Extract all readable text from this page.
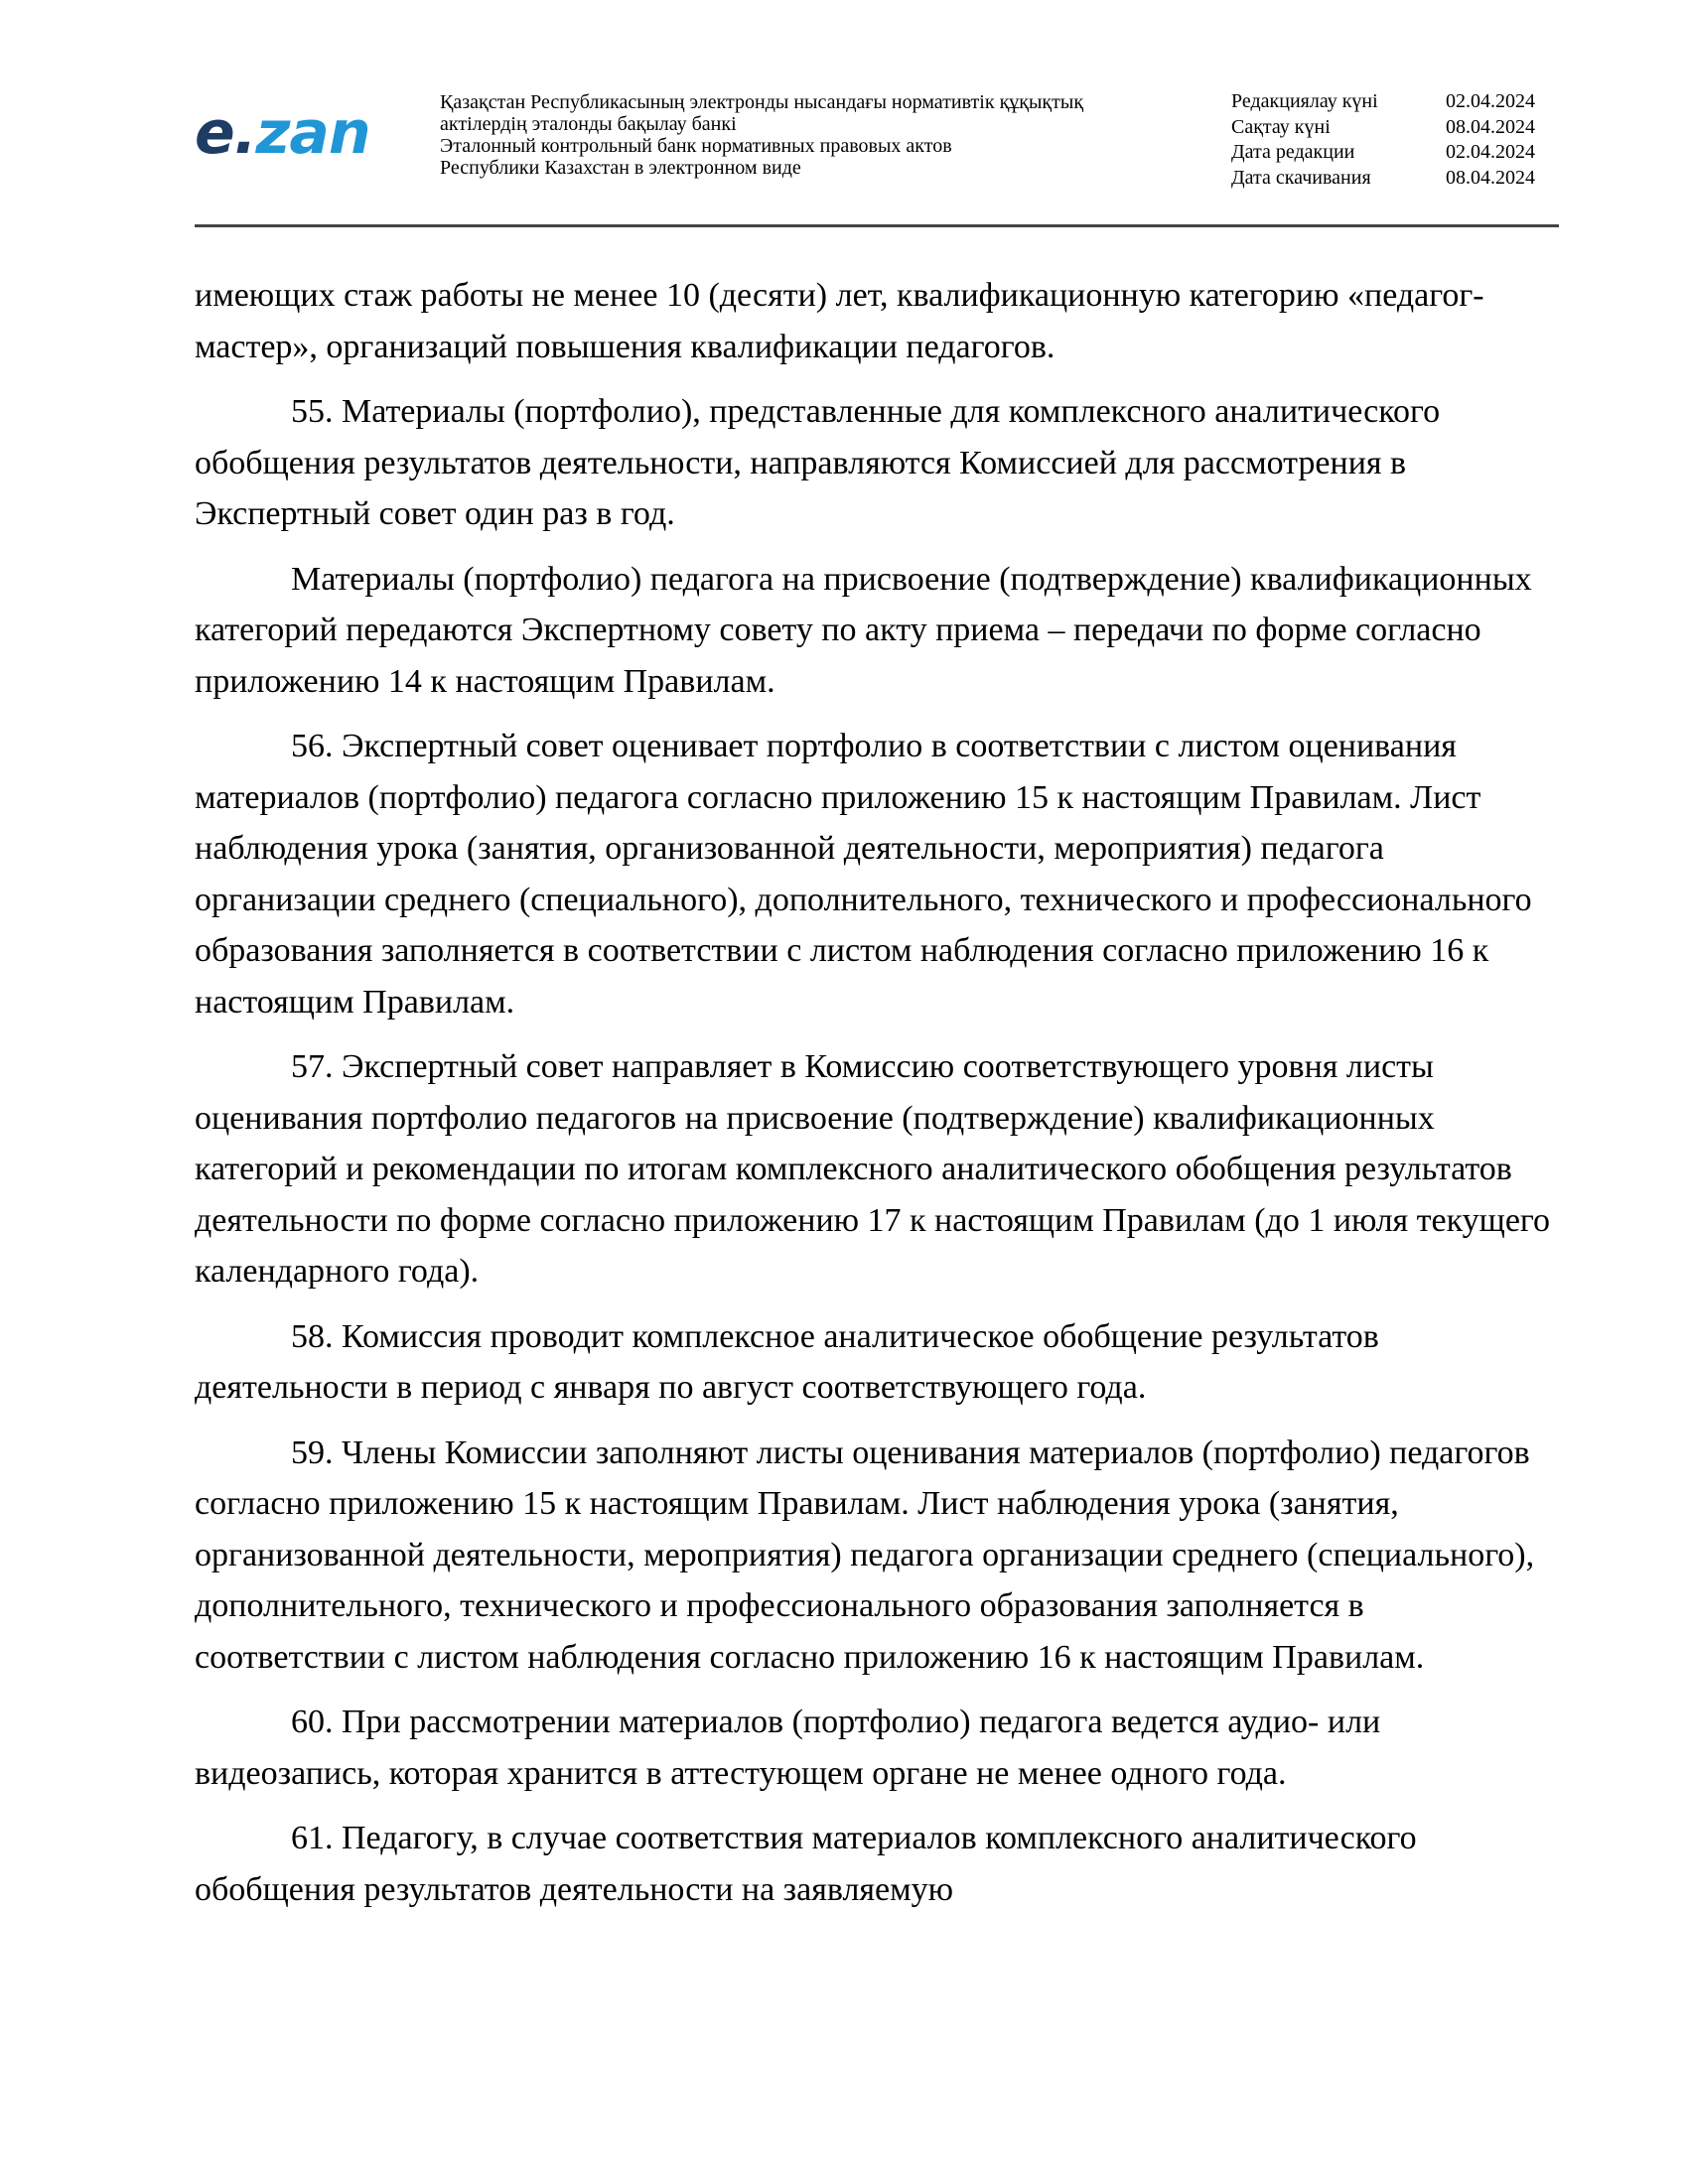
e.zan	Қазақстан Республикасының электронды нысандағы нормативтік құқықтық
актілердің эталонды бақылау банкі
Эталонный контрольный банк нормативных правовых актов
Республики Казахстан в электронном виде
Редакциялау күні	02.04.2024
Сақтау күні	08.04.2024
Дата редакции	02.04.2024
Дата скачивания	08.04.2024

имеющих стаж работы не менее 10 (десяти) лет, квалификационную категорию «педагог-мастер», организаций повышения квалификации педагогов.

55. Материалы (портфолио), представленные для комплексного аналитического обобщения результатов деятельности, направляются Комиссией для рассмотрения в Экспертный совет один раз в год.

Материалы (портфолио) педагога на присвоение (подтверждение) квалификационных категорий передаются Экспертному совету по акту приема – передачи по форме согласно приложению 14 к настоящим Правилам.

56. Экспертный совет оценивает портфолио в соответствии с листом оценивания материалов (портфолио) педагога согласно приложению 15 к настоящим Правилам. Лист наблюдения урока (занятия, организованной деятельности, мероприятия) педагога организации среднего (специального), дополнительного, технического и профессионального образования заполняется в соответствии с листом наблюдения согласно приложению 16 к настоящим Правилам.

57. Экспертный совет направляет в Комиссию соответствующего уровня листы оценивания портфолио педагогов на присвоение (подтверждение) квалификационных категорий и рекомендации по итогам комплексного аналитического обобщения результатов деятельности по форме согласно приложению 17 к настоящим Правилам (до 1 июля текущего календарного года).

58. Комиссия проводит комплексное аналитическое обобщение результатов деятельности в период с января по август соответствующего года.

59. Члены Комиссии заполняют листы оценивания материалов (портфолио) педагогов согласно приложению 15 к настоящим Правилам. Лист наблюдения урока (занятия, организованной деятельности, мероприятия) педагога организации среднего (специального), дополнительного, технического и профессионального образования заполняется в соответствии с листом наблюдения согласно приложению 16 к настоящим Правилам.

60. При рассмотрении материалов (портфолио) педагога ведется аудио- или видеозапись, которая хранится в аттестующем органе не менее одного года.

61. Педагогу, в случае соответствия материалов комплексного аналитического обобщения результатов деятельности на заявляемую
